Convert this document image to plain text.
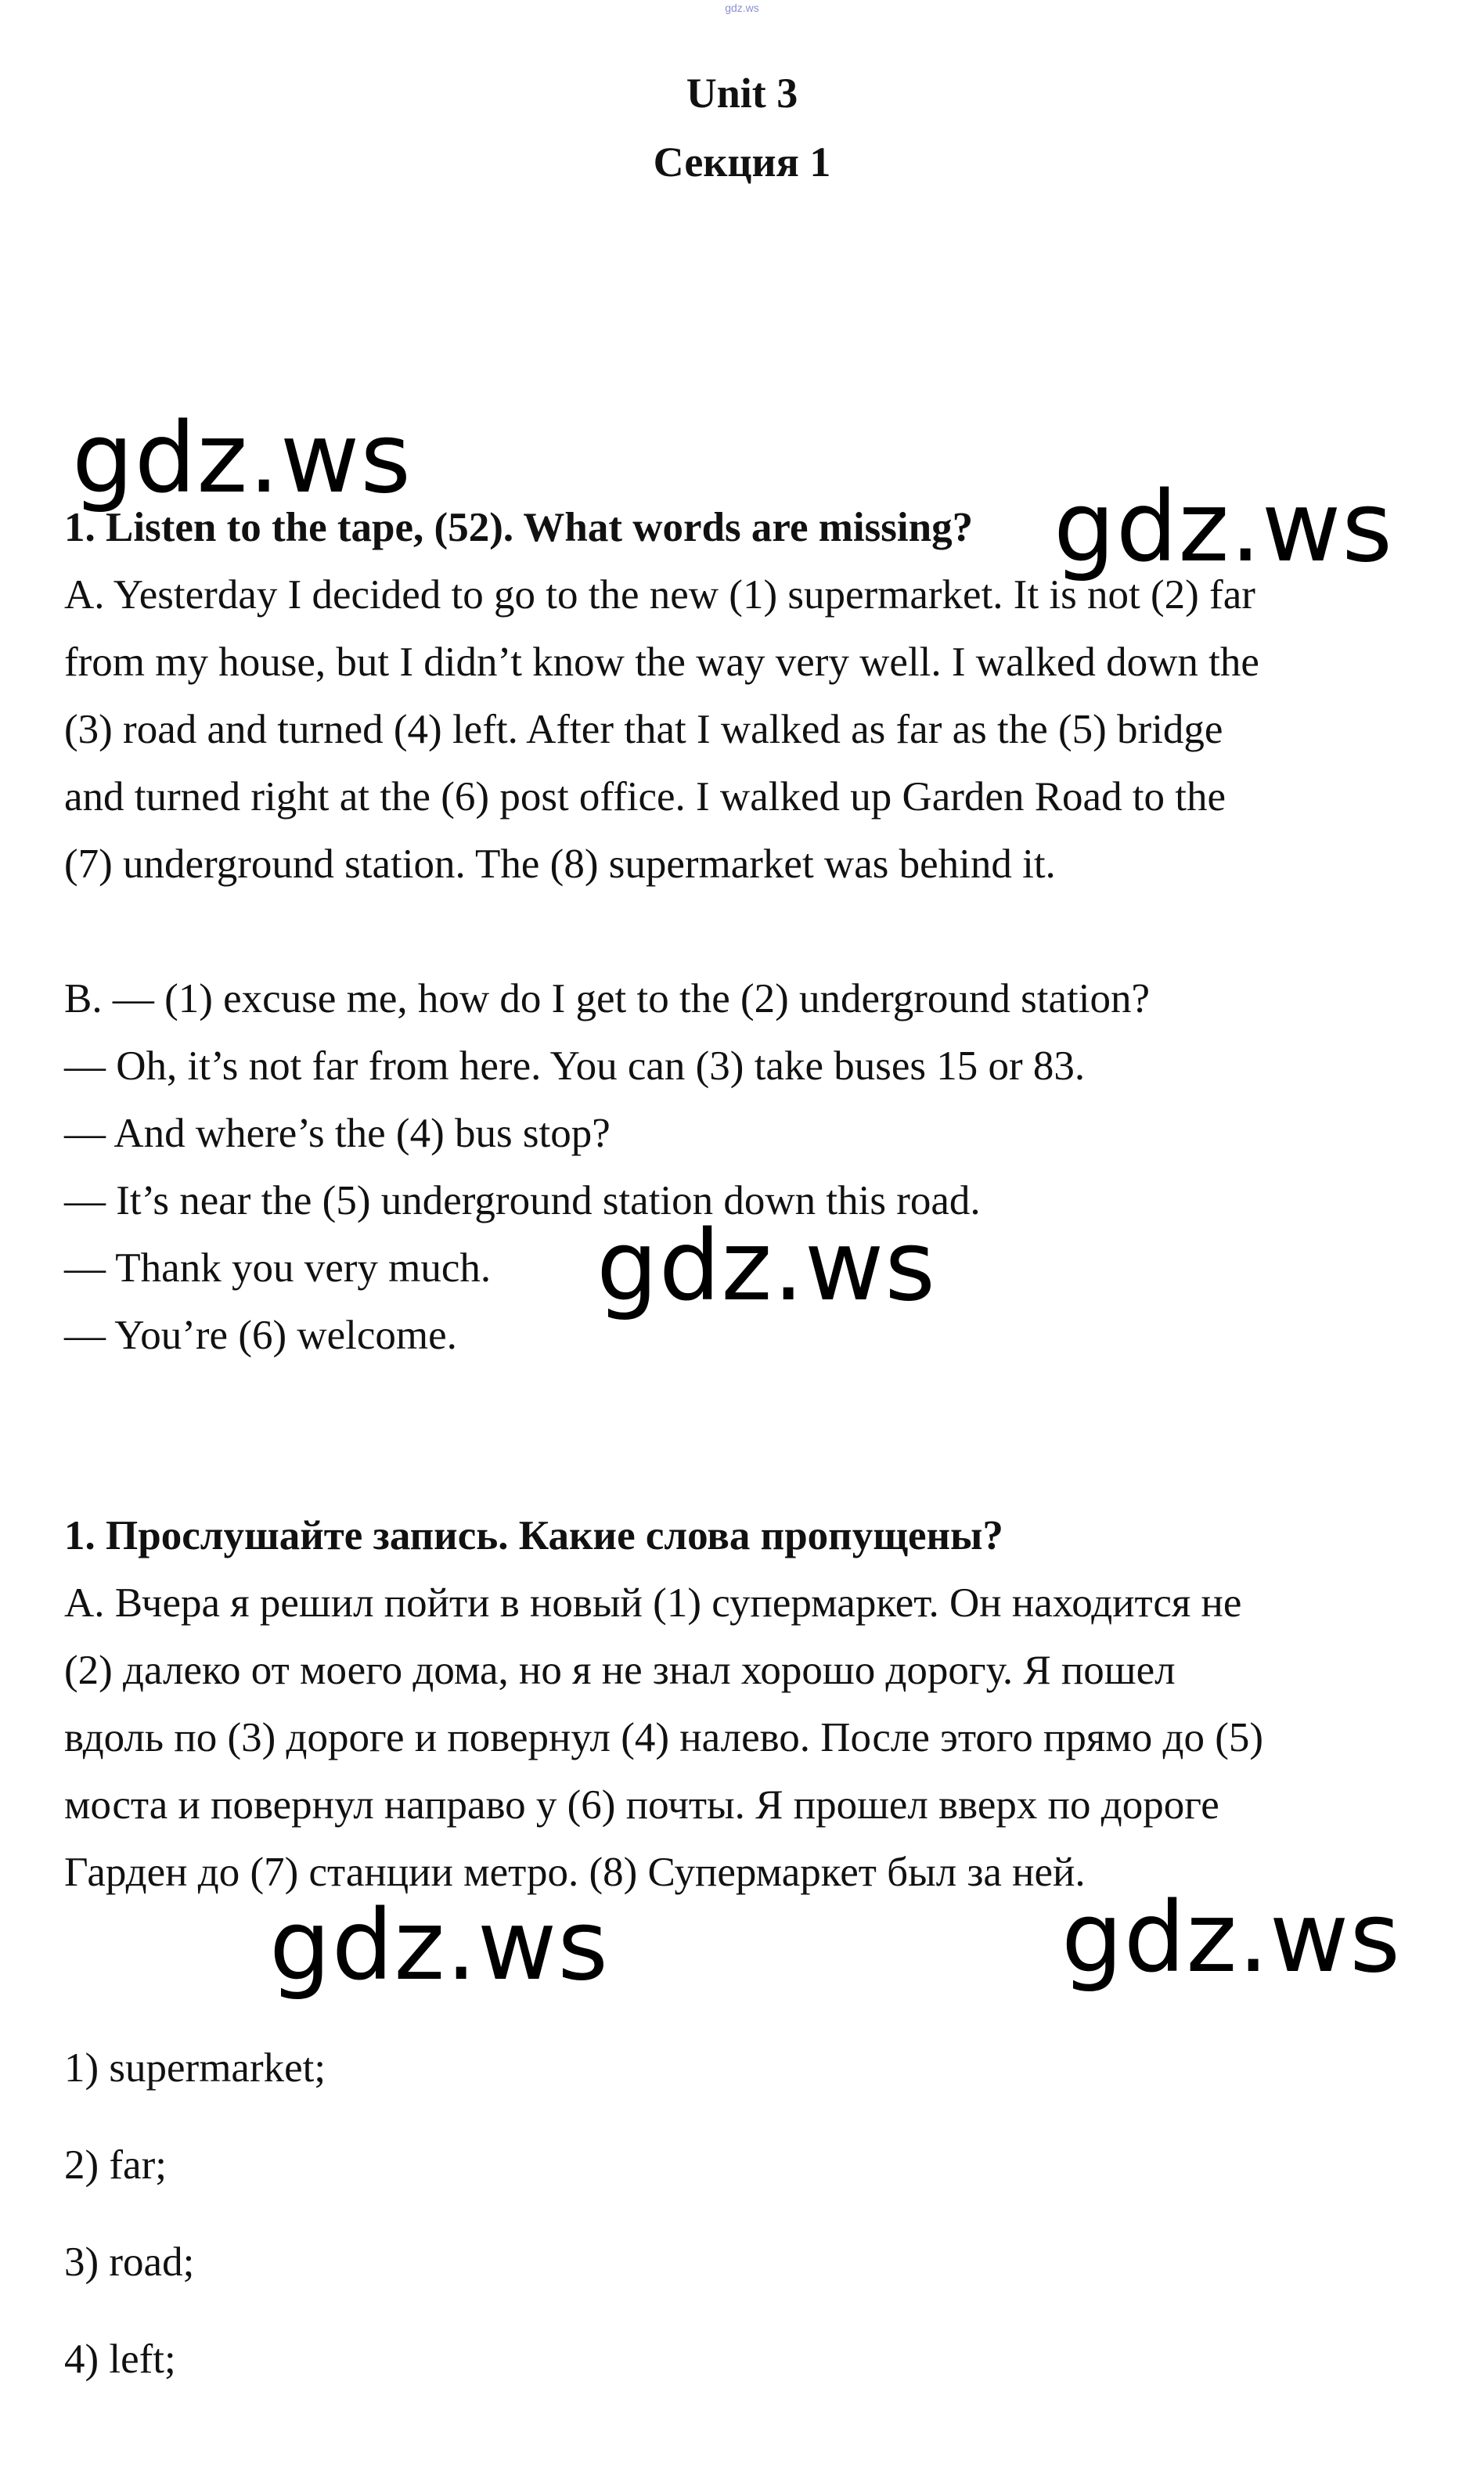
gdz.ws
Unit 3
Секция 1
1. Listen to the tape, (52). What words are missing?
A. Yesterday I decided to go to the new (1) supermarket. It is not (2) far
from my house, but I didn’t know the way very well. I walked down the
(3) road and turned (4) left. After that I walked as far as the (5) bridge
and turned right at the (6) post office. I walked up Garden Road to the
(7) underground station. The (8) supermarket was behind it.
B. — (1) excuse me, how do I get to the (2) underground station?
— Oh, it’s not far from here. You can (3) take buses 15 or 83.
— And where’s the (4) bus stop?
— It’s near the (5) underground station down this road.
— Thank you very much.
— You’re (6) welcome.
1. Прослушайте запись. Какие слова пропущены?
А. Вчера я решил пойти в новый (1) супермаркет. Он находится не
(2) далеко от моего дома, но я не знал хорошо дорогу. Я пошел
вдоль по (3) дороге и повернул (4) налево. После этого прямо до (5)
моста и повернул направо у (6) почты. Я прошел вверх по дороге
Гарден до (7) станции метро. (8) Супермаркет был за ней.
1) supermarket;
2) far;
3) road;
4) left;
gdz.ws
gdz.ws
gdz.ws
gdz.ws	gdz.ws
